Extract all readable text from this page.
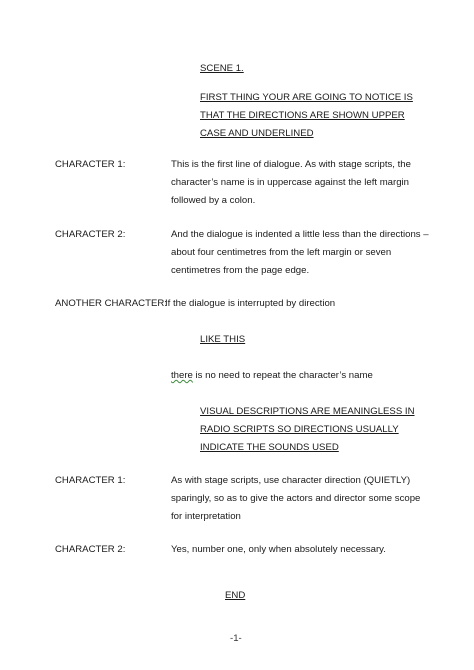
SCENE 1.

FIRST THING YOUR ARE GOING TO NOTICE IS
THAT THE DIRECTIONS ARE SHOWN UPPER
CASE AND UNDERLINED

CHARACTER 1:	This is the first line of dialogue. As with stage scripts, the
character’s name is in uppercase against the left margin
followed by a colon.

CHARACTER 2:	And the dialogue is indented a little less than the directions –
about four centimetres from the left margin or seven
centimetres from the page edge.

ANOTHER CHARACTER:

If the dialogue is interrupted by direction

LIKE THIS

there is no need to repeat the character’s name

VISUAL DESCRIPTIONS ARE MEANINGLESS IN
RADIO SCRIPTS SO DIRECTIONS USUALLY
INDICATE THE SOUNDS USED

CHARACTER 1:	As with stage scripts, use character direction (QUIETLY)
sparingly, so as to give the actors and director some scope
for interpretation

CHARACTER 2:	Yes, number one, only when absolutely necessary.

END

-1-
